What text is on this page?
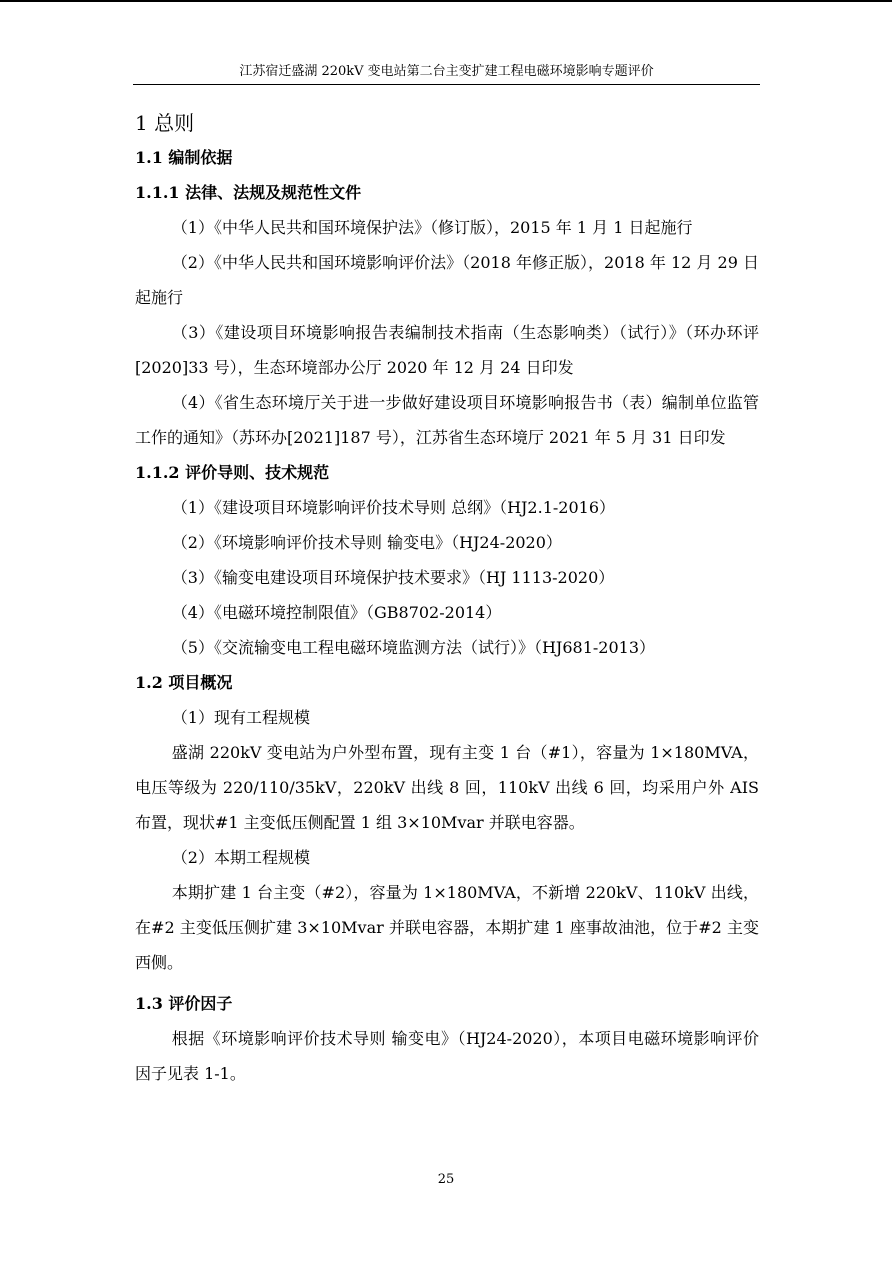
江苏宿迁盛湖 220kV 变电站第二台主变扩建工程电磁环境影响专题评价
1 总则
1.1 编制依据
1.1.1 法律、法规及规范性文件

（1）《中华人民共和国环境保护法》（修订版），2015 年 1 月 1 日起施行

（2）《中华人民共和国环境影响评价法》（2018 年修正版），2018 年 12 月 29 日起施行

（3）《建设项目环境影响报告表编制技术指南（生态影响类）（试行）》（环办环评[2020]33 号），生态环境部办公厅 2020 年 12 月 24 日印发

（4）《省生态环境厅关于进一步做好建设项目环境影响报告书（表）编制单位监管工作的通知》（苏环办[2021]187 号），江苏省生态环境厅 2021 年 5 月 31 日印发

1.1.2 评价导则、技术规范

（1）《建设项目环境影响评价技术导则 总纲》（HJ2.1-2016）

（2）《环境影响评价技术导则 输变电》（HJ24-2020）

（3）《输变电建设项目环境保护技术要求》（HJ 1113-2020）

（4）《电磁环境控制限值》（GB8702-2014）

（5）《交流输变电工程电磁环境监测方法（试行）》（HJ681-2013）

1.2 项目概况

（1）现有工程规模

盛湖 220kV 变电站为户外型布置，现有主变 1 台（#1），容量为 1×180MVA，电压等级为 220/110/35kV，220kV 出线 8 回，110kV 出线 6 回，均采用户外 AIS 布置，现状#1 主变低压侧配置 1 组 3×10Mvar 并联电容器。

（2）本期工程规模

本期扩建 1 台主变（#2），容量为 1×180MVA，不新增 220kV、110kV 出线，在#2 主变低压侧扩建 3×10Mvar 并联电容器，本期扩建 1 座事故油池，位于#2 主变西侧。

1.3 评价因子

根据《环境影响评价技术导则 输变电》（HJ24-2020），本项目电磁环境影响评价因子见表 1-1。

25
